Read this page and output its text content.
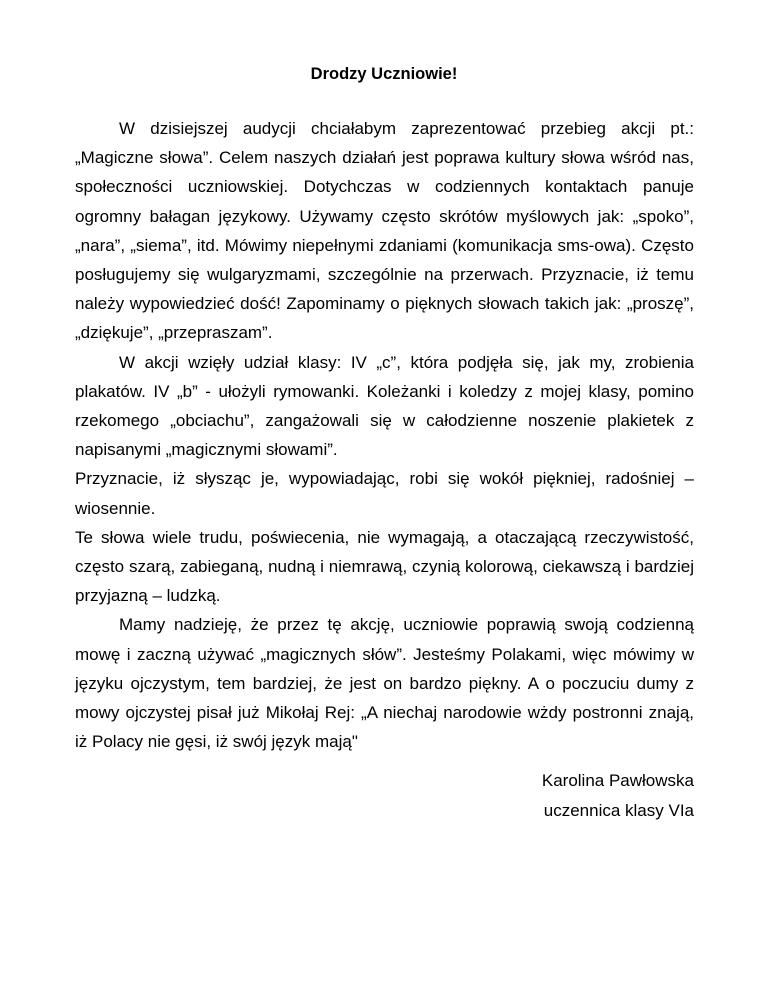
Drodzy Uczniowie!

W dzisiejszej audycji chciałabym zaprezentować przebieg akcji pt.: „Magiczne słowa”. Celem naszych działań jest poprawa kultury słowa wśród nas, społeczności uczniowskiej. Dotychczas w codziennych kontaktach panuje ogromny bałagan językowy. Używamy często skrótów myślowych jak: „spoko”, „nara”, „siema”, itd. Mówimy niepełnymi zdaniami (komunikacja sms-owa). Często posługujemy się wulgaryzmami, szczególnie na przerwach. Przyznacie, iż temu należy wypowiedzieć dość! Zapominamy o pięknych słowach takich jak: „proszę”, „dziękuje”, „przepraszam”.

W akcji wzięły udział klasy: IV „c”, która podjęła się, jak my, zrobienia plakatów. IV „b” - ułożyli rymowanki. Koleżanki i koledzy z mojej klasy, pomino rzekomego „obciachu”, zangażowali się w całodzienne noszenie plakietek z napisanymi „magicznymi słowami”.

Przyznacie, iż słysząc je, wypowiadając, robi się wokół piękniej, radośniej – wiosennie.

Te słowa wiele trudu, poświecenia, nie wymagają, a otaczającą rzeczywistość, często szarą, zabieganą, nudną i niemrawą, czynią kolorową, ciekawszą i bardziej przyjazną – ludzką.

Mamy nadzieję, że przez tę akcję, uczniowie poprawią swoją codzienną mowę i zaczną używać „magicznych słów”. Jesteśmy Polakami, więc mówimy w języku ojczystym, tem bardziej, że jest on bardzo piękny. A o poczuciu dumy z mowy ojczystej pisał już Mikołaj Rej: „A niechaj narodowie wżdy postronni znają, iż Polacy nie gęsi, iż swój język mają"

Karolina Pawłowska
uczennica klasy VIa
